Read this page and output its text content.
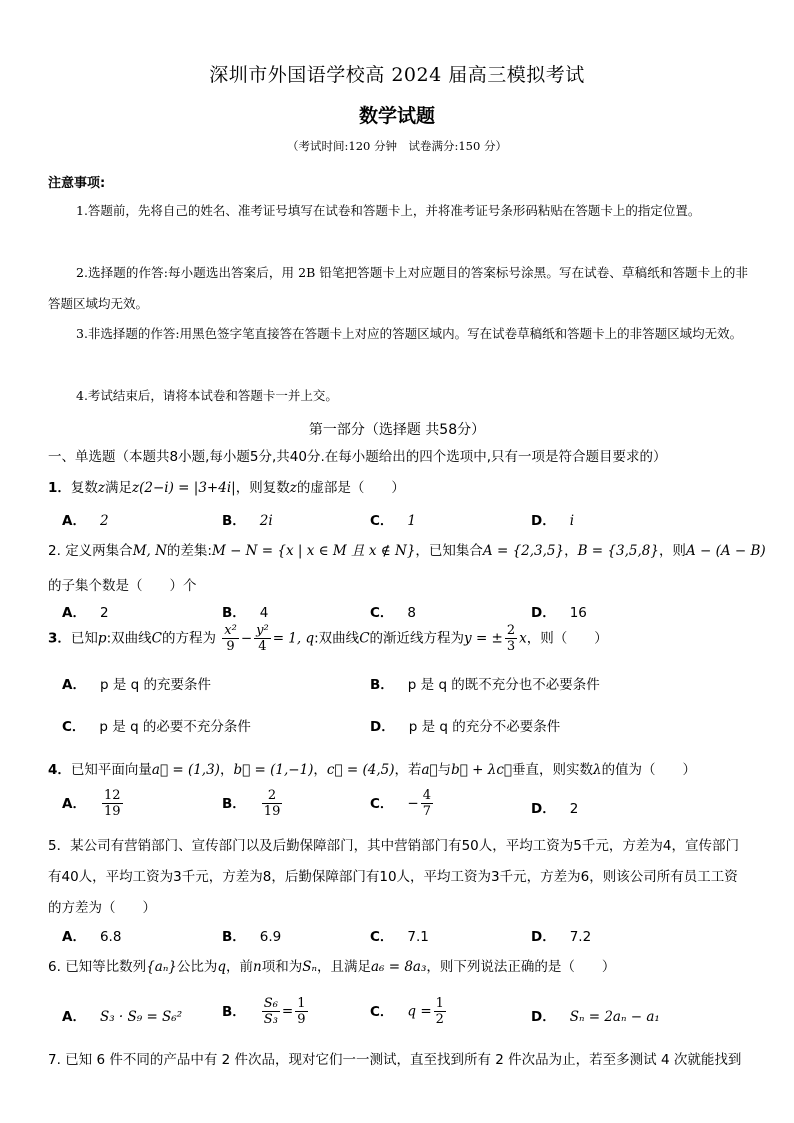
深圳市外国语学校高 2024 届高三模拟考试
数学试题
（考试时间:120 分钟　试卷满分:150 分）
注意事项:
1.答题前，先将自己的姓名、准考证号填写在试卷和答题卡上，并将准考证号条形码粘贴在答题卡上的指定位置。
2.选择题的作答:每小题选出答案后，用 2B 铅笔把答题卡上对应题目的答案标号涂黑。写在试卷、草稿纸和答题卡上的非答题区域均无效。
3.非选择题的作答:用黑色签字笔直接答在答题卡上对应的答题区域内。写在试卷草稿纸和答题卡上的非答题区域均无效。
4.考试结束后，请将本试卷和答题卡一并上交。
第一部分（选择题 共58分）
一、单选题（本题共8小题,每小题5分,共40分.在每小题给出的四个选项中,只有一项是符合题目要求的）
1．复数z满足z(2−i) = |3+4i|，则复数z的虚部是（　　）
A． 2	B． 2i	C． 1	D． i
2. 定义两集合M, N的差集:M − N = {x | x ∈ M 且 x ∉ N}，已知集合A = {2,3,5}，B = {3,5,8}，则A − (A − B)
的子集个数是（　　）个
A． 2	B． 4	C． 8	D． 16
3．已知p:双曲线C的方程为 $\frac{\text{x²}}{9} - \frac{\text{y²}}{4} = 1$, q:双曲线C的渐近线方程为y = ± $\frac{2}{3}$ x，则（　　）
A． p 是 q 的充要条件	B． p 是 q 的既不充分也不必要条件
C． p 是 q 的必要不充分条件	D． p 是 q 的充分不必要条件
4．已知平面向量a⃗ = (1,3)，b⃗ = (1,−1)，c⃗ = (4,5)，若a⃗与b⃗ + λc⃗垂直，则实数λ的值为（　　）
A． $\frac{12}{19}$	B． $\frac{2}{19}$	C． − $\frac{4}{7}$	D． 2
5．某公司有营销部门、宣传部门以及后勤保障部门，其中营销部门有50人，平均工资为5千元，方差为4，宣传部门有40人，平均工资为3千元，方差为8，后勤保障部门有10人，平均工资为3千元，方差为6，则该公司所有员工工资的方差为（　　）
A． 6.8	B． 6.9	C． 7.1	D． 7.2
6. 已知等比数列{aₙ}公比为q，前n项和为Sₙ，且满足a₆ = 8a₃，则下列说法正确的是（　　）
A． S₃ · S₉ = S₆²	B． $\frac{\text{S₆}}{\text{S₃}} = \frac{1}{9}$	C． $q = \frac{1}{2}$	D． Sₙ = 2aₙ − a₁
7. 已知 6 件不同的产品中有 2 件次品，现对它们一一测试，直至找到所有 2 件次品为止，若至多测试 4 次就能找到
